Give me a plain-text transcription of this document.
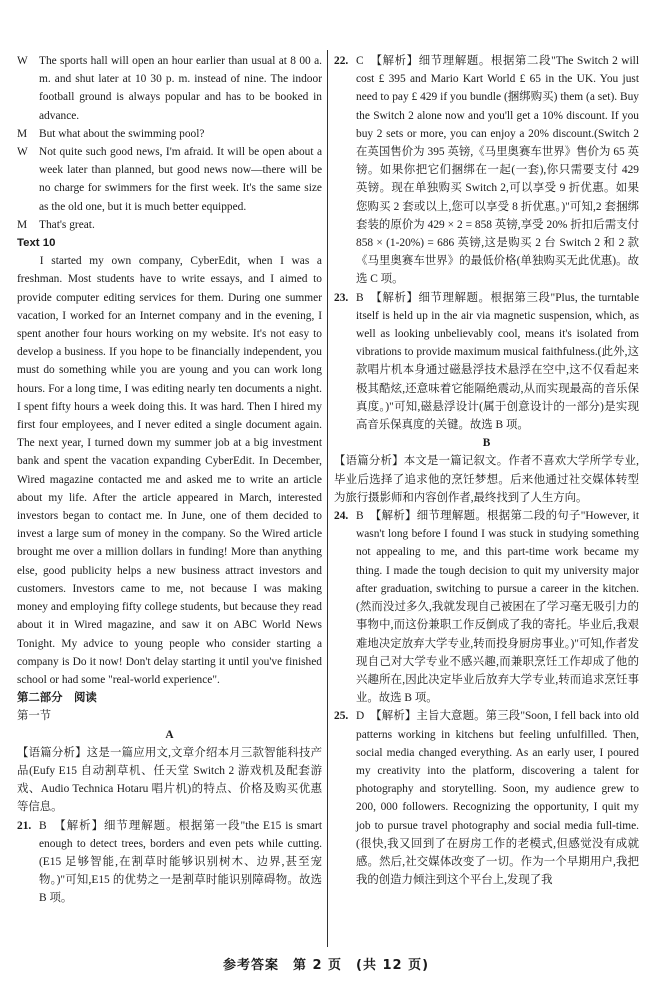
W The sports hall will open an hour earlier than usual at 8 00 a. m. and shut later at 10 30 p. m. instead of nine. The indoor football ground is always popular and has to be booked in advance.
M	But what about the swimming pool?
W Not quite such good news, I'm afraid. It will be open about a week later than planned, but good news now—there will be no charge for swimmers for the first week. It's the same size as the old one, but it is much better equipped.
M	That's great.

Text 10

I started my own company, CyberEdit, when I was a freshman. Most students have to write essays, and I aimed to provide computer editing services for them. During one summer vacation, I worked for an Internet company and in the evening, I spent another four hours working on my website. It's not easy to develop a business. If you hope to be financially independent, you must do something while you are young and you can work long hours. For a long time, I was editing nearly ten documents a night. I spent fifty hours a week doing this. It was hard. Then I hired my first four employees, and I never edited a single document again. The next year, I turned down my summer job at a big investment bank and spent the vacation expanding CyberEdit. In December, Wired magazine contacted me and asked me to write an article about my life. After the article appeared in March, interested investors began to contact me. In June, one of them decided to invest a large sum of money in the company. So the Wired article brought me over a million dollars in funding! More than anything else, good publicity helps a new business attract investors and customers. Investors came to me, not because I was making money and employing fifty college students, but because they read about it in Wired magazine, and saw it on ABC World News Tonight. My advice to young people who consider starting a company is Do it now! Don't delay starting it until you've finished school or had some "real-world experience".

第二部分　阅读

第一节

A

【语篇分析】这是一篇应用文,文章介绍本月三款智能科技产品(Eufy E15 自动割草机、任天堂 Switch 2 游戏机及配套游戏、Audio Technica Hotaru 唱片机)的特点、价格及购买优惠等信息。

21. B　【解析】细节理解题。根据第一段"the E15 is smart enough to detect trees, borders and even pets while cutting.(E15 足够智能,在割草时能够识别树木、边界,甚至宠物。)"可知,E15 的优势之一是割草时能识别障碍物。故选 B 项。
22. C　【解析】细节理解题。根据第二段"The Switch 2 will cost £ 395 and Mario Kart World £ 65 in the UK. You just need to pay £ 429 if you bundle (捆绑购买) them (a set). Buy the Switch 2 alone now and you'll get a 10% discount. If you buy 2 sets or more, you can enjoy a 20% discount.(Switch 2 在英国售价为 395 英镑,《马里奥赛车世界》售价为 65 英镑。如果你把它们捆绑在一起(一套),你只需要支付 429 英镑。现在单独购买 Switch 2,可以享受 9 折优惠。如果您购买 2 套或以上,您可以享受 8 折优惠。)"可知,2 套捆绑套装的原价为 429 × 2 = 858 英镑,享受 20% 折扣后需支付 858 × (1-20%) = 686 英镑,这是购买 2 台 Switch 2 和 2 款《马里奥赛车世界》的最低价格(单独购买无此优惠)。故选 C 项。
23. B　【解析】细节理解题。根据第三段"Plus, the turntable itself is held up in the air via magnetic suspension, which, as well as looking unbelievably cool, means it's isolated from vibrations to provide maximum musical faithfulness.(此外,这款唱片机本身通过磁悬浮技术悬浮在空中,这不仅看起来极其酷炫,还意味着它能隔绝震动,从而实现最高的音乐保真度。)"可知,磁悬浮设计(属于创意设计的一部分)是实现高音乐保真度的关键。故选 B 项。

B

【语篇分析】本文是一篇记叙文。作者不喜欢大学所学专业,毕业后选择了追求他的烹饪梦想。后来他通过社交媒体转型为旅行摄影师和内容创作者,最终找到了人生方向。

24. B　【解析】细节理解题。根据第二段的句子"However, it wasn't long before I found I was stuck in studying something not appealing to me, and this part-time work became my thing. I made the tough decision to quit my university major after graduation, switching to pursue a career in the kitchen.(然而没过多久,我就发现自己被困在了学习毫无吸引力的事物中,而这份兼职工作反倒成了我的寄托。毕业后,我艰难地决定放弃大学专业,转而投身厨房事业。)"可知,作者发现自己对大学专业不感兴趣,而兼职烹饪工作却成了他的兴趣所在,因此决定毕业后放弃大学专业,转而追求烹饪事业。故选 B 项。
25. D　【解析】主旨大意题。第三段"Soon, I fell back into old patterns working in kitchens but feeling unfulfilled. Then, social media changed everything. As an early user, I poured my creativity into the platform, discovering a talent for photography and storytelling. Soon, my audience grew to 200, 000 followers. Recognizing the opportunity, I quit my job to pursue travel photography and social media full-time.(很快,我又回到了在厨房工作的老模式,但感觉没有成就感。然后,社交媒体改变了一切。作为一个早期用户,我把我的创造力倾注到这个平台上,发现了我
参考答案　第 2 页　(共 12 页)
